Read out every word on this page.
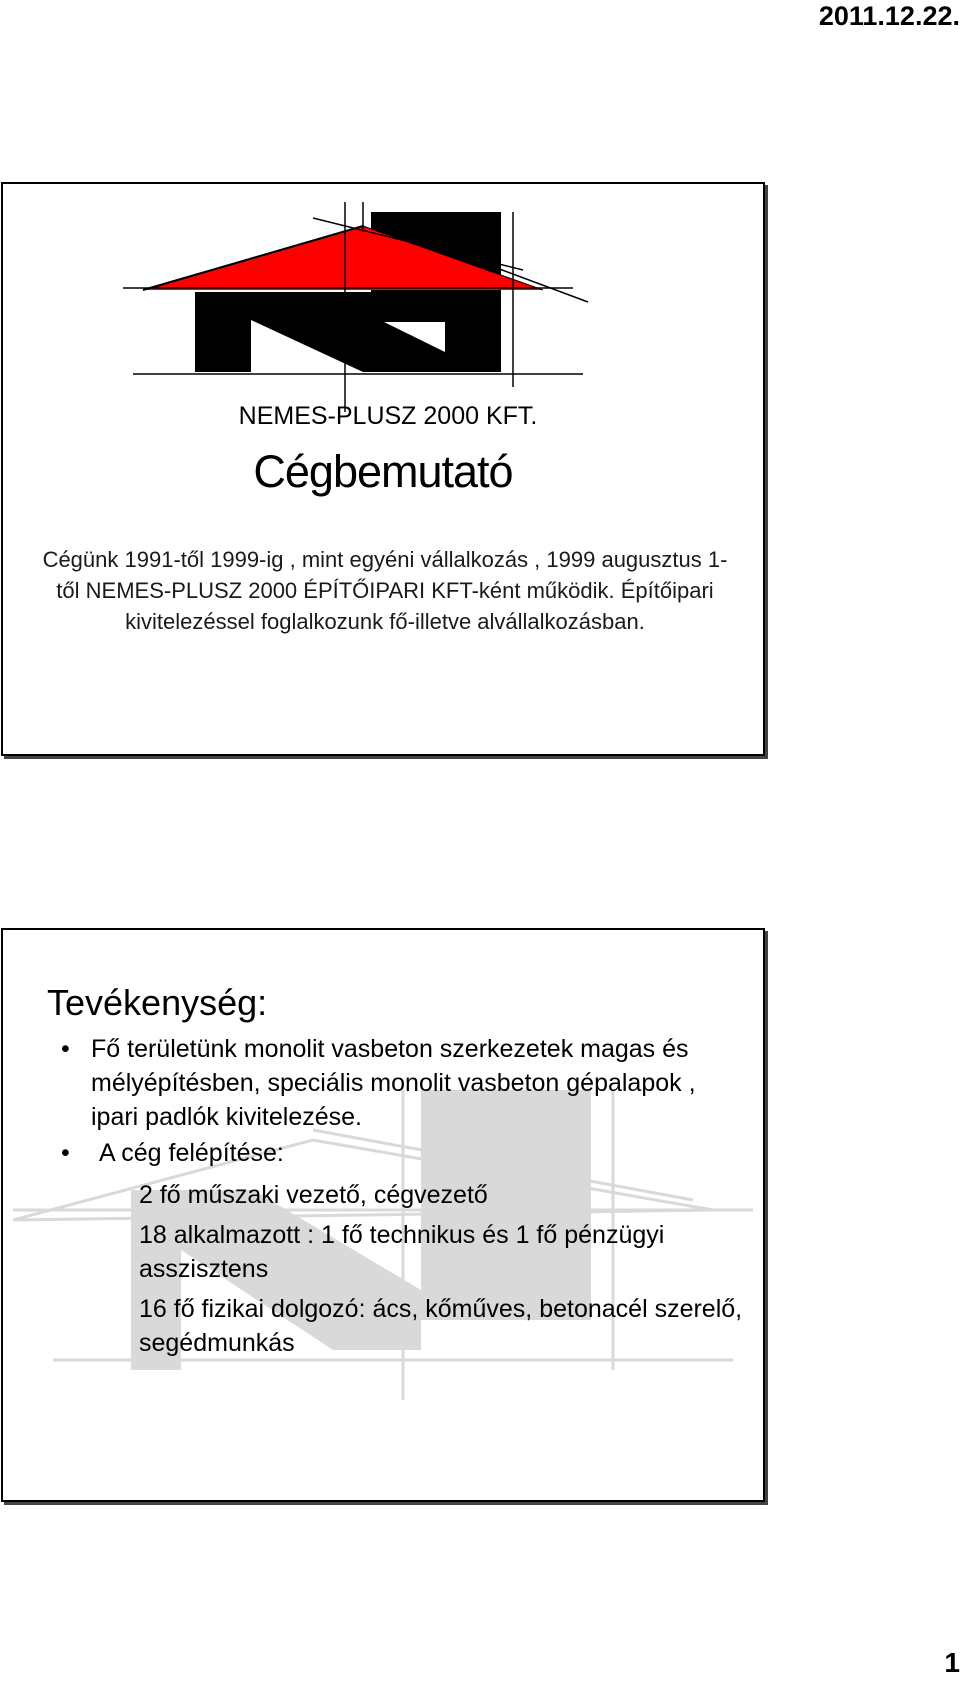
2011.12.22.
NEMES-PLUSZ 2000 KFT.
Cégbemutató
Cégünk 1991-től 1999-ig , mint egyéni vállalkozás , 1999 augusztus 1-től NEMES-PLUSZ 2000 ÉPÍTŐIPARI KFT-ként működik. Építőipari kivitelezéssel foglalkozunk fő-illetve alvállalkozásban.
Tevékenység:
• Fő területünk monolit vasbeton szerkezetek magas és mélyépítésben, speciális monolit vasbeton gépalapok , ipari padlók kivitelezése.
• A cég felépítése:
2 fő műszaki vezető, cégvezető
18 alkalmazott : 1 fő technikus és 1 fő pénzügyi asszisztens
16 fő fizikai dolgozó: ács, kőműves, betonacél szerelő, segédmunkás
1
